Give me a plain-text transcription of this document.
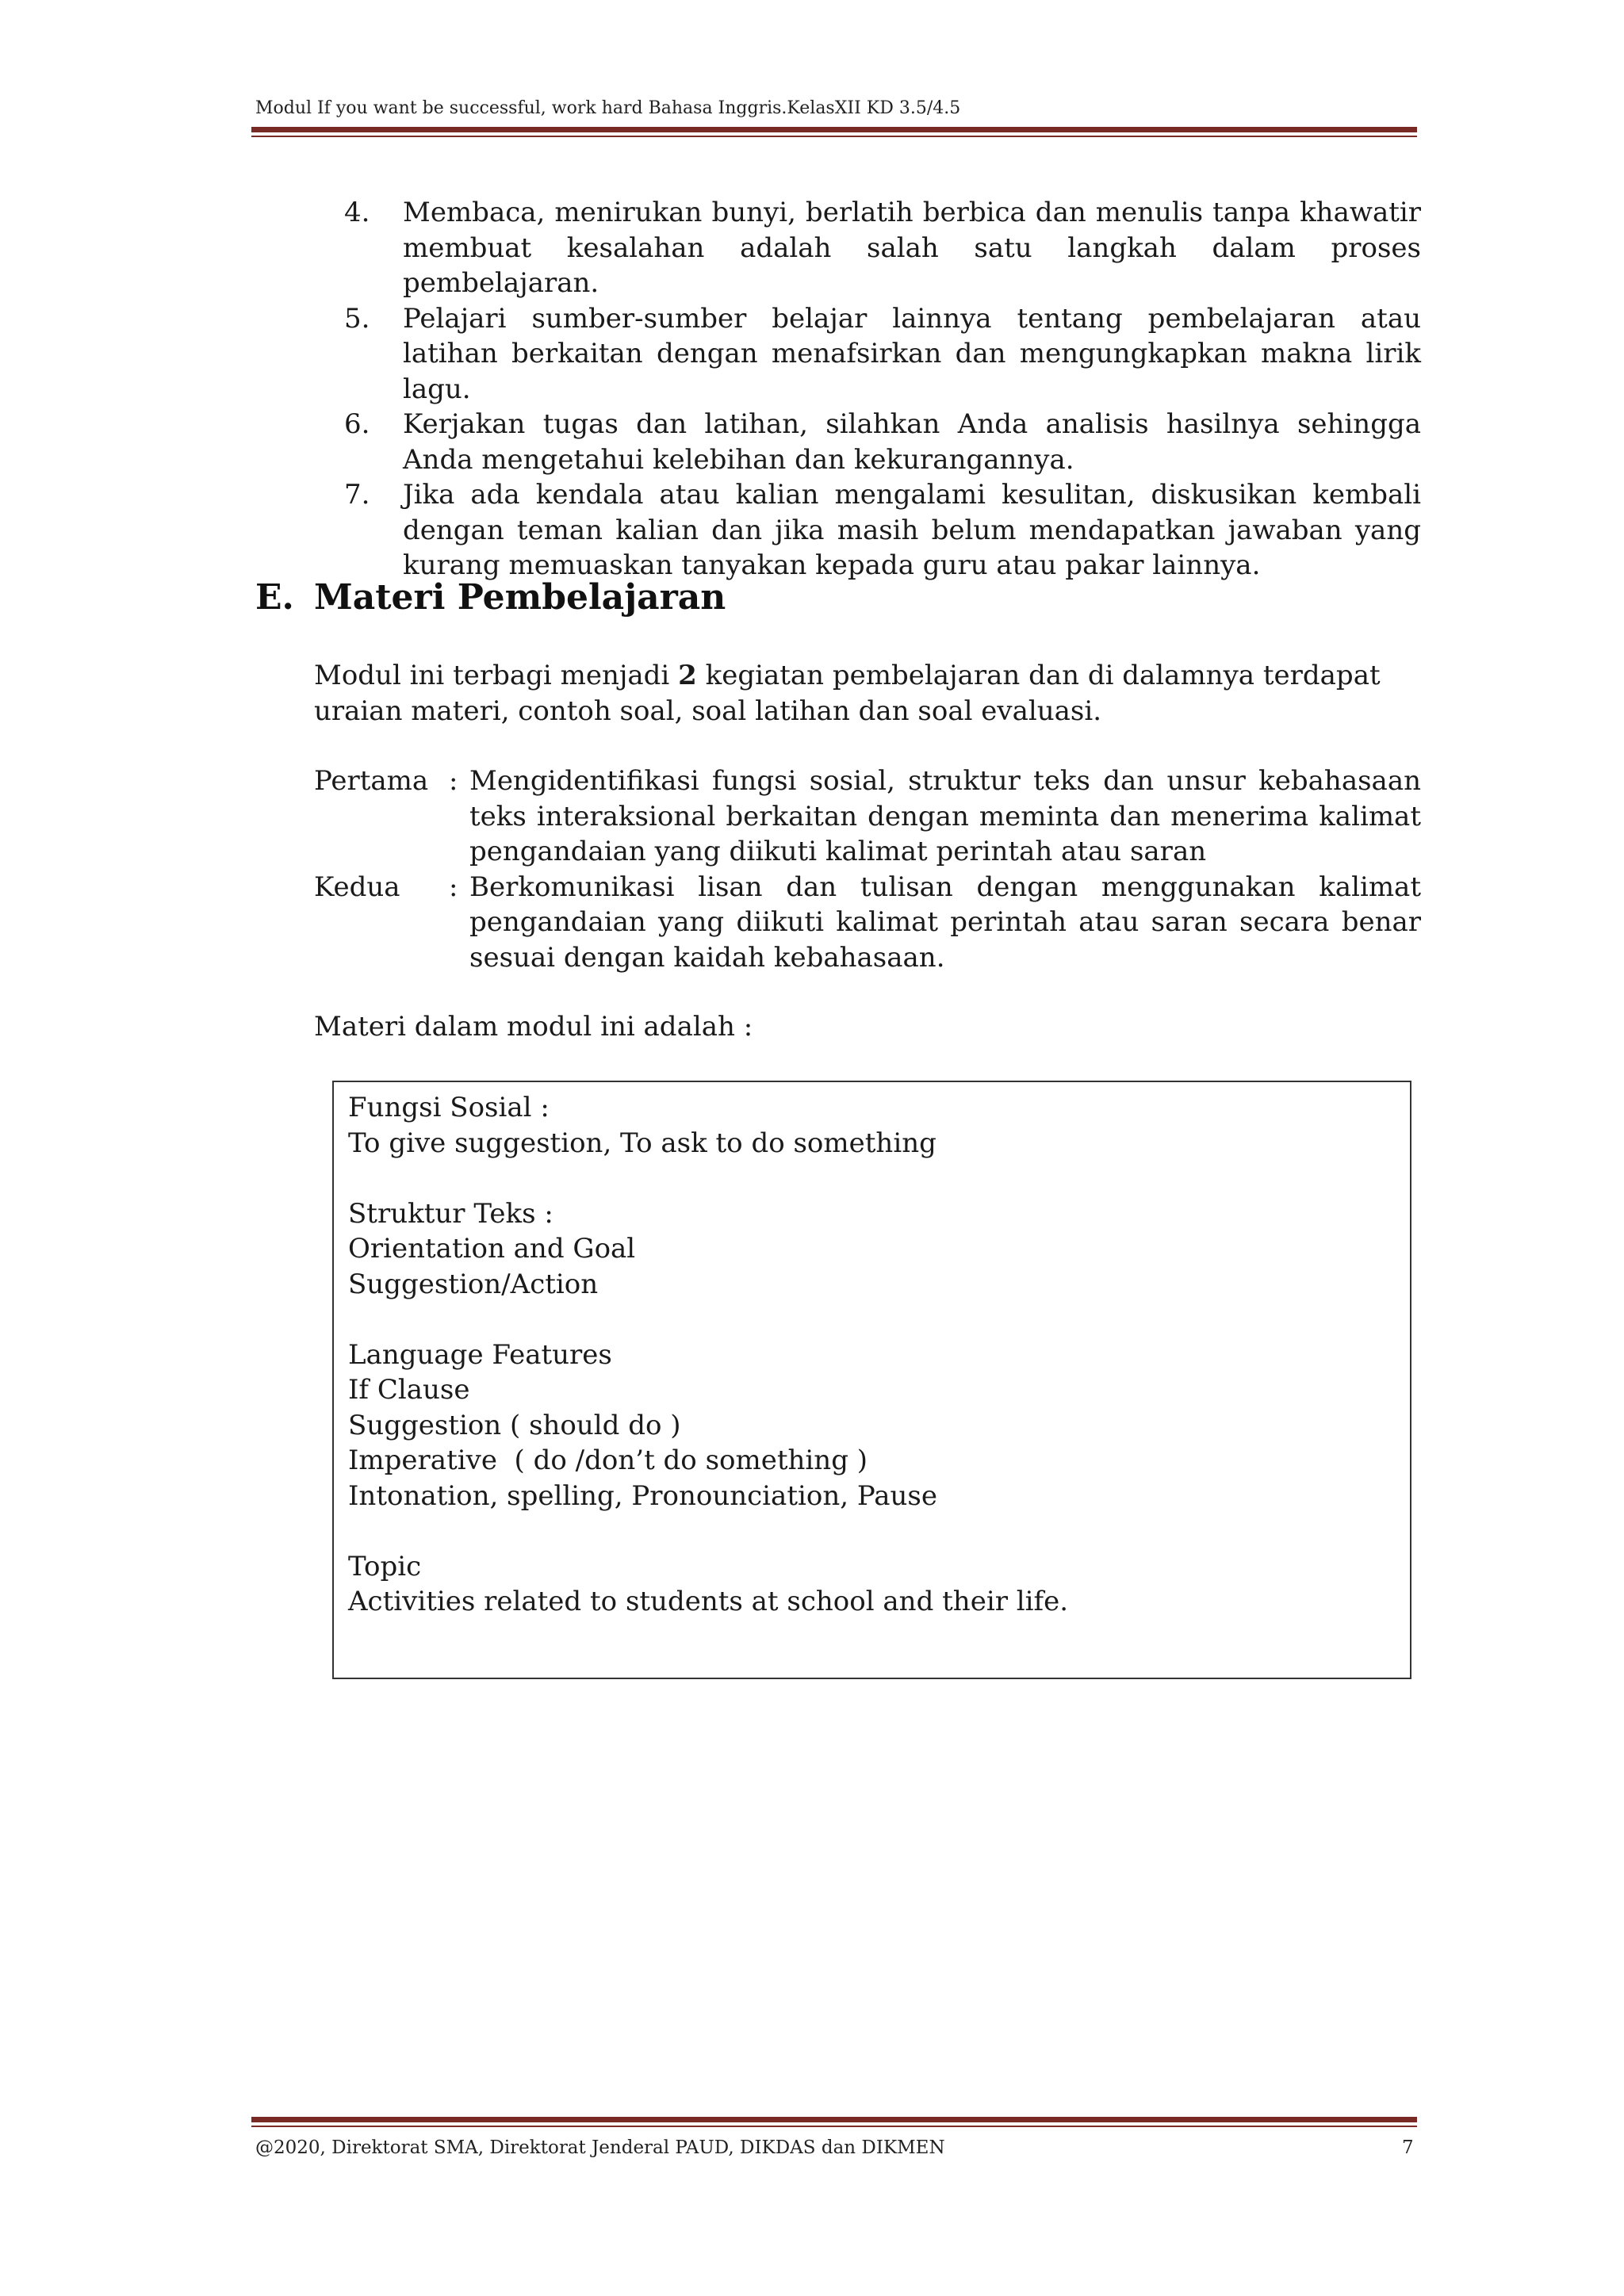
Modul If you want be successful, work hard Bahasa Inggris.KelasXII KD 3.5/4.5
4. Membaca, menirukan bunyi, berlatih berbica dan menulis tanpa khawatir membuat kesalahan adalah salah satu langkah dalam proses pembelajaran.
5. Pelajari sumber-sumber belajar lainnya tentang pembelajaran atau latihan berkaitan dengan menafsirkan dan mengungkapkan makna lirik lagu.
6. Kerjakan tugas dan latihan, silahkan Anda analisis hasilnya sehingga Anda mengetahui kelebihan dan kekurangannya.
7. Jika ada kendala atau kalian mengalami kesulitan, diskusikan kembali dengan teman kalian dan jika masih belum mendapatkan jawaban yang kurang memuaskan tanyakan kepada guru atau pakar lainnya.
E. Materi Pembelajaran
Modul ini terbagi menjadi 2 kegiatan pembelajaran dan di dalamnya terdapat uraian materi, contoh soal, soal latihan dan soal evaluasi.
Pertama : Mengidentifikasi fungsi sosial, struktur teks dan unsur kebahasaan teks interaksional berkaitan dengan meminta dan menerima kalimat pengandaian yang diikuti kalimat perintah atau saran
Kedua : Berkomunikasi lisan dan tulisan dengan menggunakan kalimat pengandaian yang diikuti kalimat perintah atau saran secara benar sesuai dengan kaidah kebahasaan.
Materi dalam modul ini adalah :
Fungsi Sosial :
To give suggestion, To ask to do something
Struktur Teks :
Orientation and Goal
Suggestion/Action
Language Features
If Clause
Suggestion ( should do )
Imperative  ( do /don’t do something )
Intonation, spelling, Pronounciation, Pause
Topic
Activities related to students at school and their life.
@2020, Direktorat SMA, Direktorat Jenderal PAUD, DIKDAS dan DIKMEN	7
